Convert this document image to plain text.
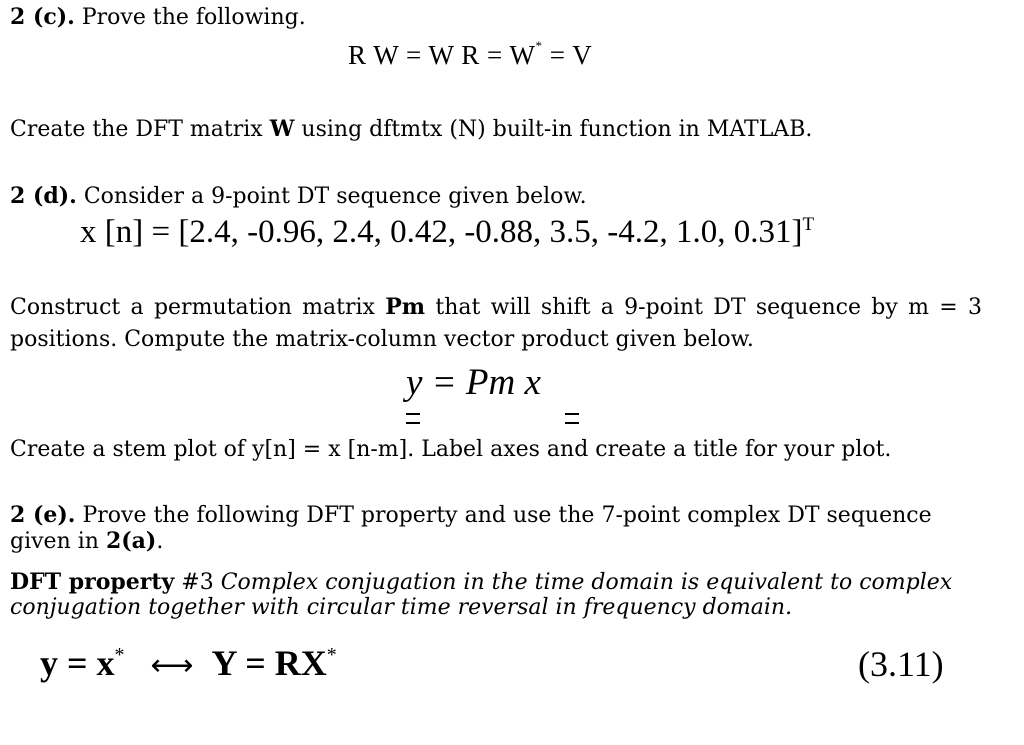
2 (c). Prove the following.
R W = W R = W* = V
Create the DFT matrix W using dftmtx (N) built-in function in MATLAB.
2 (d). Consider a 9-point DT sequence given below.
x [n] = [2.4, -0.96, 2.4, 0.42, -0.88, 3.5, -4.2, 1.0, 0.31]$^T$
Construct a permutation matrix Pm that will shift a 9-point DT sequence by m = 3
positions. Compute the matrix-column vector product given below.
y = Pm x
Create a stem plot of y[n] = x [n-m]. Label axes and create a title for your plot.
2 (e). Prove the following DFT property and use the 7-point complex DT sequence given in 2(a).
DFT property #3 Complex conjugation in the time domain is equivalent to complex conjugation together with circular time reversal in frequency domain.
y = x* ⟷ Y = RX*	(3.11)
